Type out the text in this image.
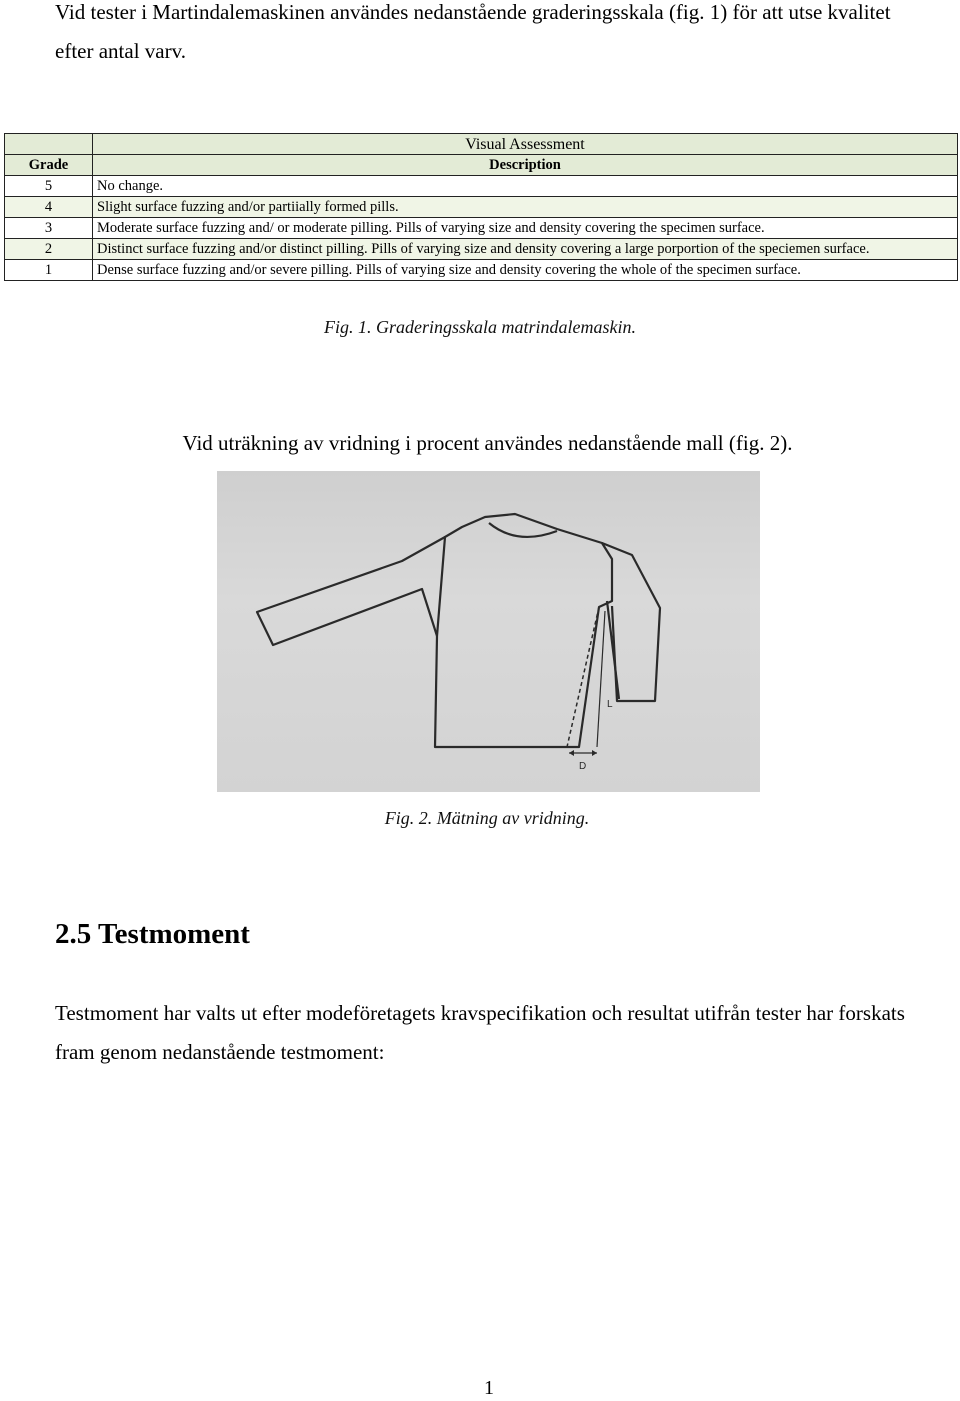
Vid tester i Martindalemaskinen användes nedanstående graderingsskala (fig. 1) för att utse kvalitet efter antal varv.

	Visual Assessment
Grade	Description
5	No change.
4	Slight surface fuzzing and/or partiially formed pills.
3	Moderate surface fuzzing and/ or moderate pilling. Pills of varying size and density covering the specimen surface.
2	Distinct surface fuzzing and/or distinct pilling. Pills of varying size and density covering a large porportion of the speciemen surface.
1	Dense surface fuzzing and/or severe pilling. Pills of varying size and density covering the whole of the specimen surface.

Fig. 1. Graderingsskala matrindalemaskin.

Vid uträkning av vridning i procent användes nedanstående mall (fig. 2).

L
D

Fig. 2. Mätning av vridning.

2.5 Testmoment

Testmoment har valts ut efter modeföretagets kravspecifikation och resultat utifrån tester har forskats fram genom nedanstående testmoment:

1
